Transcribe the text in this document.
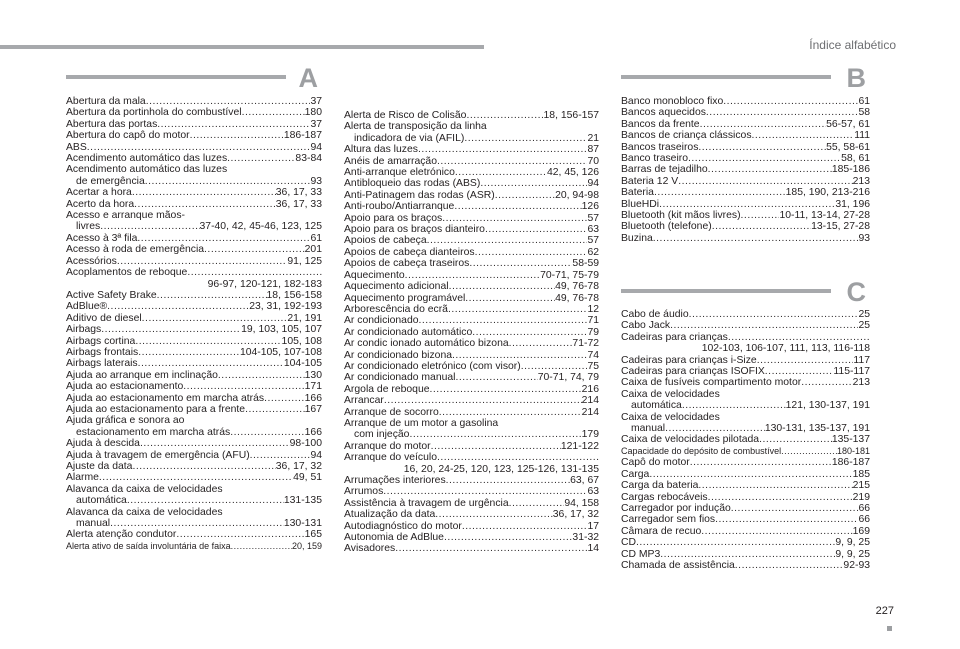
Índice alfabético
A	B
C
Abertura da mala .....	37
Abertura da portinhola do combustível .....	180
Abertura das portas .....	37
Abertura do capô do motor .....	186-187
ABS .....	94
Acendimento automático das luzes .....	83-84
Acendimento automático das luzes
de emergência .....	93
Acertar a hora .....	36, 17, 33
Acerto da hora .....	36, 17, 33
Acesso e arranque mãos-
livres .....	37-40, 42, 45-46, 123, 125
Acesso à 3ª fila .....	61
Acesso à roda de emergência .....	201
Acessórios .....	91, 125
Acoplamentos de reboque
.....
96-97, 120-121, 182-183
Active Safety Brake .....	18, 156-158
AdBlue® .....	23, 31, 192-193
Aditivo de diesel .....	21, 191
Airbags .....	19, 103, 105, 107
Airbags cortina .....	105, 108
Airbags frontais .....	104-105, 107-108
Airbags laterais .....	104-105
Ajuda ao arranque em inclinação .....	130
Ajuda ao estacionamento .....	171
Ajuda ao estacionamento em marcha atrás .....	166
Ajuda ao estacionamento para a frente .....	167
Ajuda gráfica e sonora ao
estacionamento em marcha atrás .....	166
Ajuda à descida .....	98-100
Ajuda à travagem de emergência (AFU) .....	94
Ajuste da data .....	36, 17, 32
Alarme .....	49, 51
Alavanca da caixa de velocidades
automática .....	131-135
Alavanca da caixa de velocidades
manual .....	130-131
Alerta atenção condutor .....	165
Alerta ativo de saída involuntária de faixa .....	20, 159
Alerta de Risco de Colisão .....	18, 156-157
Alerta de transposição da linha
indicadora de via (AFIL) .....	21
Altura das luzes .....	87
Anéis de amarração .....	70
Anti-arranque eletrónico .....	42, 45, 126
Antibloqueio das rodas (ABS) .....	94
Anti-Patinagem das rodas (ASR) .....	20, 94-98
Anti-roubo/Antiarranque .....	126
Apoio para os braços .....	57
Apoio para os braços dianteiro .....	63
Apoios de cabeça .....	57
Apoios de cabeça dianteiros .....	62
Apoios de cabeça traseiros .....	58-59
Aquecimento .....	70-71, 75-79
Aquecimento adicional .....	49, 76-78
Aquecimento programável .....	49, 76-78
Arborescência do ecrã .....	12
Ar condicionado .....	71
Ar condicionado automático .....	79
Ar condic ionado automático bizona .....	71-72
Ar condicionado bizona .....	74
Ar condicionado eletrónico (com visor) .....	75
Ar condicionado manual .....	70-71, 74, 79
Argola de reboque .....	216
Arrancar .....	214
Arranque de socorro .....	214
Arranque de um motor a gasolina
com injeção .....	179
Arranque do motor .....	121-122
Arranque do veículo
.....
16, 20, 24-25, 120, 123, 125-126, 131-135
Arrumações interiores .....	63, 67
Arrumos .....	63
Assistência à travagem de urgência .....	94, 158
Atualização da data .....	36, 17, 32
Autodiagnóstico do motor .....	17
Autonomia de AdBlue .....	31-32
Avisadores .....	14
Banco monobloco fixo .....	61
Bancos aquecidos .....	58
Bancos da frente .....	56-57, 61
Bancos de criança clássicos .....	111
Bancos traseiros .....	55, 58-61
Banco traseiro .....	58, 61
Barras de tejadilho .....	185-186
Bateria 12 V .....	213
Bateria .....	185, 190, 213-216
BlueHDi .....	31, 196
Bluetooth (kit mãos livres) .....	10-11, 13-14, 27-28
Bluetooth (telefone) .....	13-15, 27-28
Buzina .....	93
Cabo de áudio .....	25
Cabo Jack .....	25
Cadeiras para crianças
.....
102-103, 106-107, 111, 113, 116-118
Cadeiras para crianças i-Size .....	117
Cadeiras para crianças ISOFIX .....	115-117
Caixa de fusíveis compartimento motor .....	213
Caixa de velocidades
automática .....	121, 130-137, 191
Caixa de velocidades
manual .....	130-131, 135-137, 191
Caixa de velocidades pilotada .....	135-137
Capacidade do depósito de combustível .....	180-181
Capô do motor .....	186-187
Carga .....	185
Carga da bateria .....	215
Cargas rebocáveis .....	219
Carregador por indução .....	66
Carregador sem fios .....	66
Câmara de recuo .....	169
CD .....	9, 9, 25
CD MP3 .....	9, 9, 25
Chamada de assistência .....	92-93
227
